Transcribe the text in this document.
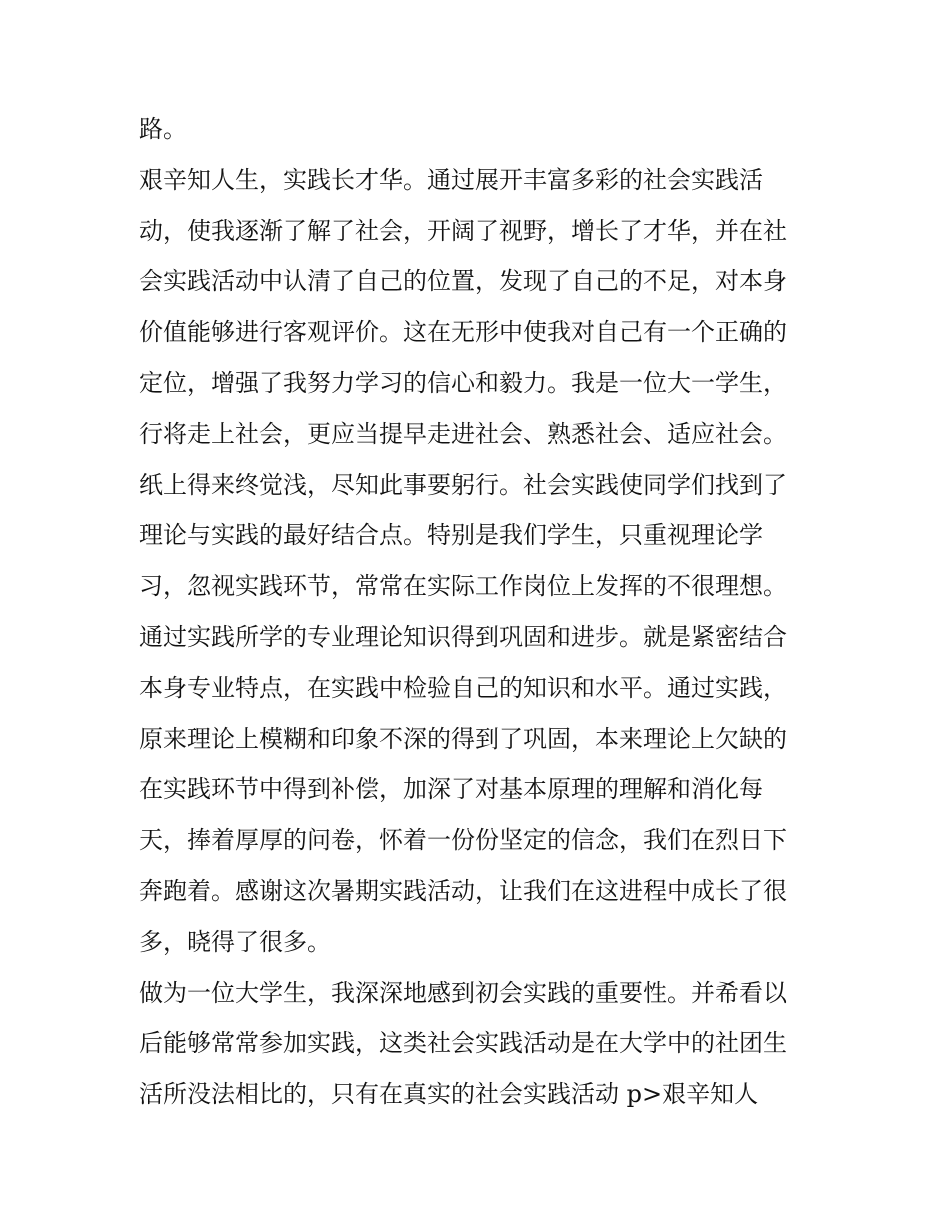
路。
艰辛知人生，实践长才华。通过展开丰富多彩的社会实践活
动，使我逐渐了解了社会，开阔了视野，增长了才华，并在社
会实践活动中认清了自己的位置，发现了自己的不足，对本身
价值能够进行客观评价。这在无形中使我对自己有一个正确的
定位，增强了我努力学习的信心和毅力。我是一位大一学生，
行将走上社会，更应当提早走进社会、熟悉社会、适应社会。
纸上得来终觉浅，尽知此事要躬行。社会实践使同学们找到了
理论与实践的最好结合点。特别是我们学生，只重视理论学
习，忽视实践环节，常常在实际工作岗位上发挥的不很理想。
通过实践所学的专业理论知识得到巩固和进步。就是紧密结合
本身专业特点，在实践中检验自己的知识和水平。通过实践，
原来理论上模糊和印象不深的得到了巩固，本来理论上欠缺的
在实践环节中得到补偿，加深了对基本原理的理解和消化每
天，捧着厚厚的问卷，怀着一份份坚定的信念，我们在烈日下
奔跑着。感谢这次暑期实践活动，让我们在这进程中成长了很
多，晓得了很多。
做为一位大学生，我深深地感到初会实践的重要性。并希看以
后能够常常参加实践，这类社会实践活动是在大学中的社团生
活所没法相比的，只有在真实的社会实践活动 p>艰辛知人
